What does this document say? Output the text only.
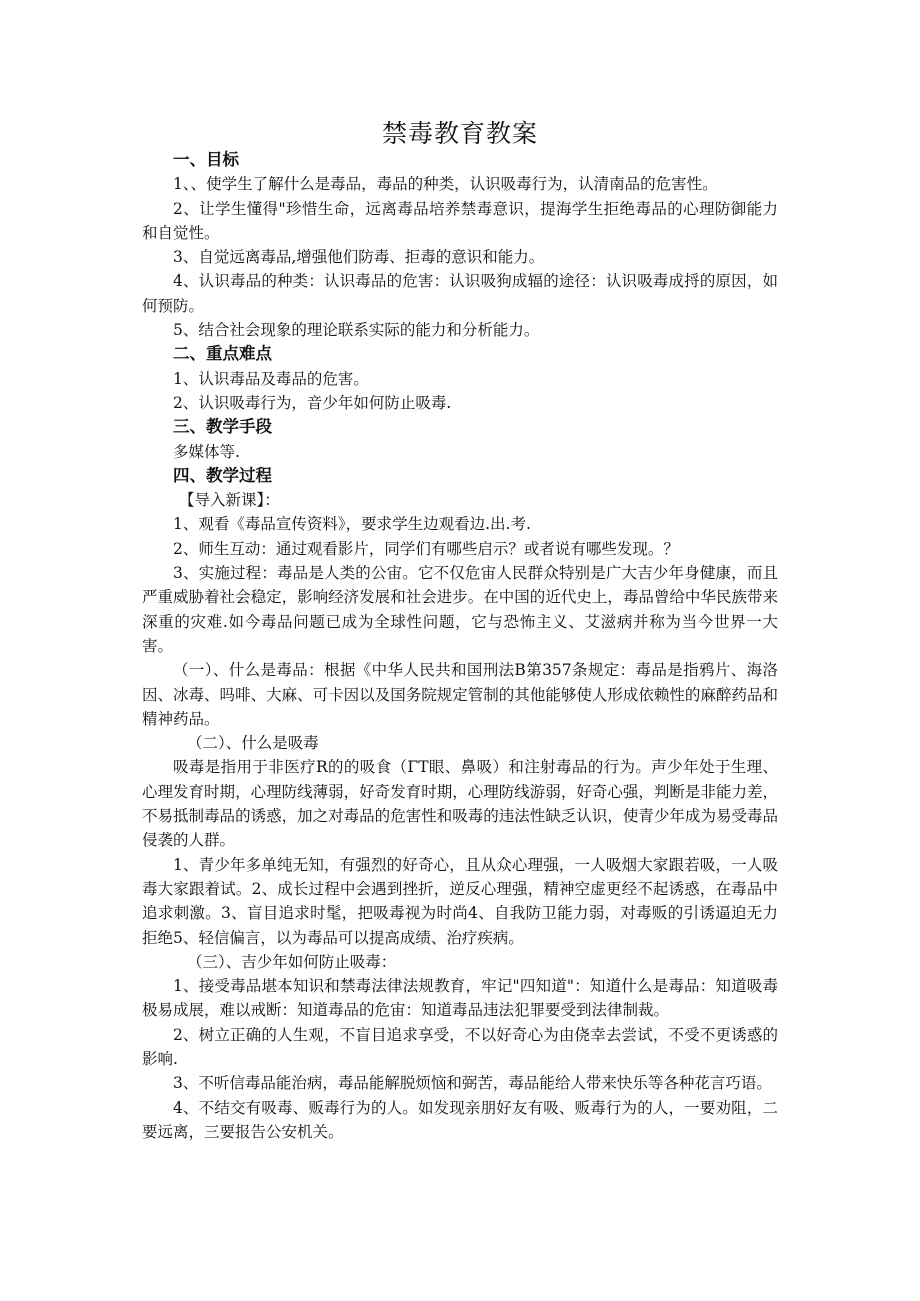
禁毒教育教案

一、目标

1、、使学生了解什么是毒品，毒品的种类，认识吸毒行为，认清南品的危害性。

2、让学生懂得"珍惜生命，远离毒品培养禁毒意识，提海学生拒绝毒品的心理防御能力和自觉性。

3、自觉远离毒品,增强他们防毒、拒毒的意识和能力。

4、认识毒品的种类：认识毒品的危害：认识吸狗成辐的途径：认识吸毒成捋的原因，如何预防。

5、结合社会现象的理论联系实际的能力和分析能力。

二、重点难点

1、认识毒品及毒品的危害。

2、认识吸毒行为，音少年如何防止吸毒.

三、教学手段

多媒体等.

四、教学过程

【导入新课】：

1、观看《毒品宣传资料》，要求学生边观看边.出.考.

2、师生互动：通过观看影片，同学们有哪些启示？或者说有哪些发现。？

3、实施过程：毒品是人类的公宙。它不仅危宙人民群众特别是广大吉少年身健康，而且严重威胁着社会稳定，影响经济发展和社会进步。在中国的近代史上，毒品曾给中华民族带来深重的灾难.如今毒品问题已成为全球性问题，它与恐怖主义、艾滋病并称为当今世界一大害。

（一）、什么是毒品：根据《中华人民共和国刑法B第357条规定：毒品是指鸦片、海洛因、冰毒、吗啡、大麻、可卡因以及国务院规定管制的其他能够使人形成依赖性的麻醉药品和精神药品。

（二）、什么是吸毒

吸毒是指用于非医疗R的的吸食（ΓT眼、鼻吸）和注射毒品的行为。声少年处于生理、心理发育时期，心理防线薄弱，好奇发育时期，心理防线游弱，好奇心强，判断是非能力差，不易抵制毒品的诱惑，加之对毒品的危害性和吸毒的违法性缺乏认识，使青少年成为易受毒品侵袭的人群。

1、青少年多单纯无知，有强烈的好奇心，且从众心理强，一人吸烟大家跟若吸，一人吸毒大家跟着试。2、成长过程中会遇到挫折，逆反心理强，精神空虚更经不起诱惑，在毒品中追求刺激。3、盲目追求时髦，把吸毒视为时尚4、自我防卫能力弱，对毒贩的引诱逼迫无力拒绝5、轻信偏言，以为毒品可以提高成绩、治疗疾病。

（三）、吉少年如何防止吸毒：

1、接受毒品堪本知识和禁毒法律法规教育，牢记"四知道"：知道什么是毒品：知道吸毒极易成展，难以戒断：知道毒品的危宙：知道毒品违法犯罪要受到法律制裁。

2、树立正确的人生观，不盲目追求享受，不以好奇心为由侥幸去尝试，不受不更诱惑的影响.

3、不听信毒品能治病，毒品能解脱烦恼和弼苦，毒品能给人带来快乐等各种花言巧语。

4、不结交有吸毒、贩毒行为的人。如发现亲朋好友有吸、贩毒行为的人，一要劝阻，二要远离，三要报告公安机关。
